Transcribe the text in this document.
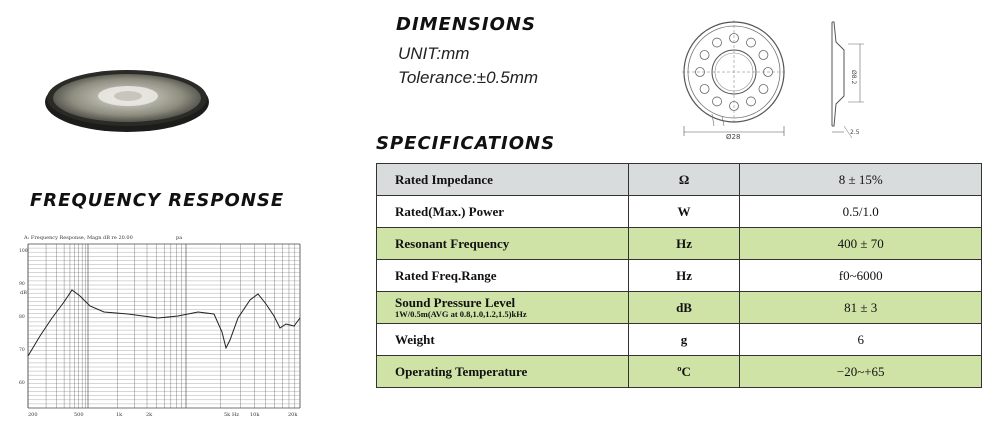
FREQUENCY RESPONSE
DIMENSIONS
UNIT:mm
Tolerance:±0.5mm
SPECIFICATIONS
A: Frequency Response, Magn dB re 20.00	pa
100
90
80
70
60
200	500	1k	2k	5k	10k	20k
Hz
dB
Ø28
Ø8.2
2.5
Rated Impedance	Ω	8 ± 15%

Rated(Max.) Power	W	0.5/1.0

Resonant Frequency	Hz	400 ± 70

Rated Freq.Range	Hz	f0~6000

Sound Pressure Level
1W/0.5m(AVG at 0.8,1.0,1.2,1.5)kHz	dB	81 ± 3

Weight	g	6

Operating Temperature	ºC	−20~+65
